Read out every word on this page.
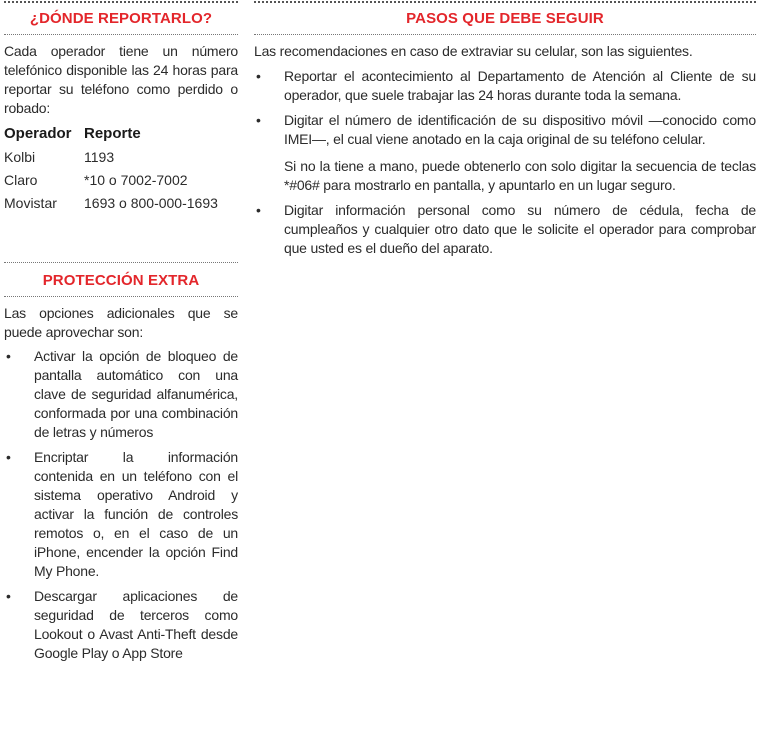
¿DÓNDE REPORTARLO?
Cada operador tiene un número telefónico disponible las 24 horas para reportar su teléfono como perdido o robado:
Operador	Reporte
Kolbi	1193
Claro	*10 o 7002-7002
Movistar	1693 o 800-000-1693
PROTECCIÓN EXTRA
Las opciones adicionales que se puede aprovechar son:
• Activar la opción de bloqueo de pantalla automático con una clave de seguridad alfanumérica, conformada por una combinación de letras y números
• Encriptar la información contenida en un teléfono con el sistema operativo Android y activar la función de controles remotos o, en el caso de un iPhone, encender la opción Find My Phone.
• Descargar aplicaciones de seguridad de terceros como Lookout o Avast Anti-Theft desde Google Play o App Store
PASOS QUE DEBE SEGUIR
Las recomendaciones en caso de extraviar su celular, son las siguientes.
• Reportar el acontecimiento al Departamento de Atención al Cliente de su operador, que suele trabajar las 24 horas durante toda la semana.
• Digitar el número de identificación de su dispositivo móvil —conocido como IMEI—, el cual viene anotado en la caja original de su teléfono celular.
Si no la tiene a mano, puede obtenerlo con solo digitar la secuencia de teclas *#06# para mostrarlo en pantalla, y apuntarlo en un lugar seguro.
• Digitar información personal como su número de cédula, fecha de cumpleaños y cualquier otro dato que le solicite el operador para comprobar que usted es el dueño del aparato.
